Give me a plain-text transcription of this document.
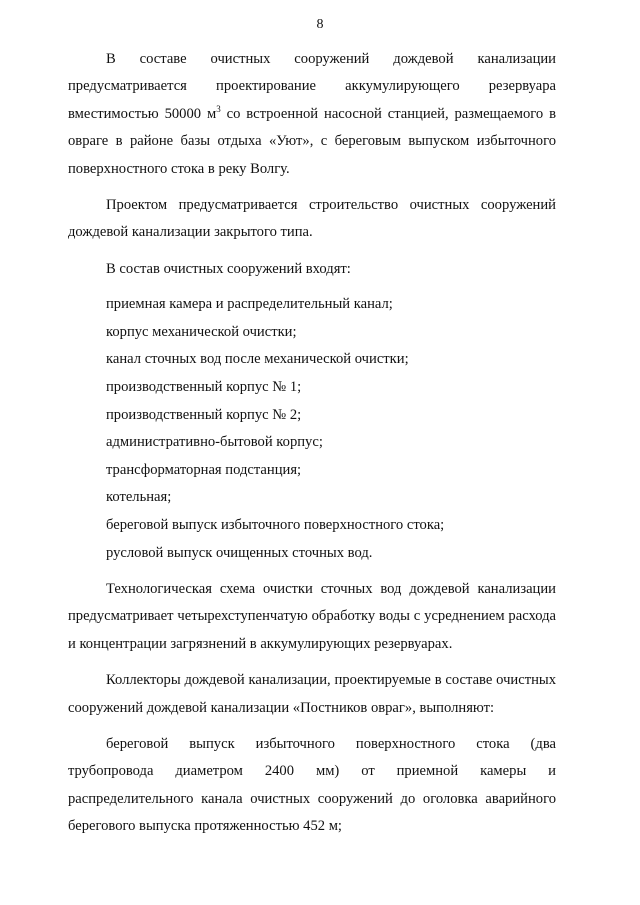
8

В составе очистных сооружений дождевой канализации предусматривается проектирование аккумулирующего резервуара вместимостью 50000 $м^3$ со встроенной насосной станцией, размещаемого в овраге в районе базы отдыха «Уют», с береговым выпуском избыточного поверхностного стока в реку Волгу.

Проектом предусматривается строительство очистных сооружений дождевой канализации закрытого типа.

В состав очистных сооружений входят:

приемная камера и распределительный канал;
корпус механической очистки;
канал сточных вод после механической очистки;
производственный корпус № 1;
производственный корпус № 2;
административно-бытовой корпус;
трансформаторная подстанция;
котельная;
береговой выпуск избыточного поверхностного стока;
русловой выпуск очищенных сточных вод.

Технологическая схема очистки сточных вод дождевой канализации предусматривает четырехступенчатую обработку воды с усреднением расхода и концентрации загрязнений в аккумулирующих резервуарах.

Коллекторы дождевой канализации, проектируемые в составе очистных сооружений дождевой канализации «Постников овраг», выполняют:

береговой выпуск избыточного поверхностного стока (два трубопровода диаметром 2400 мм) от приемной камеры и распределительного канала очистных сооружений до оголовка аварийного берегового выпуска протяженностью 452 м;
